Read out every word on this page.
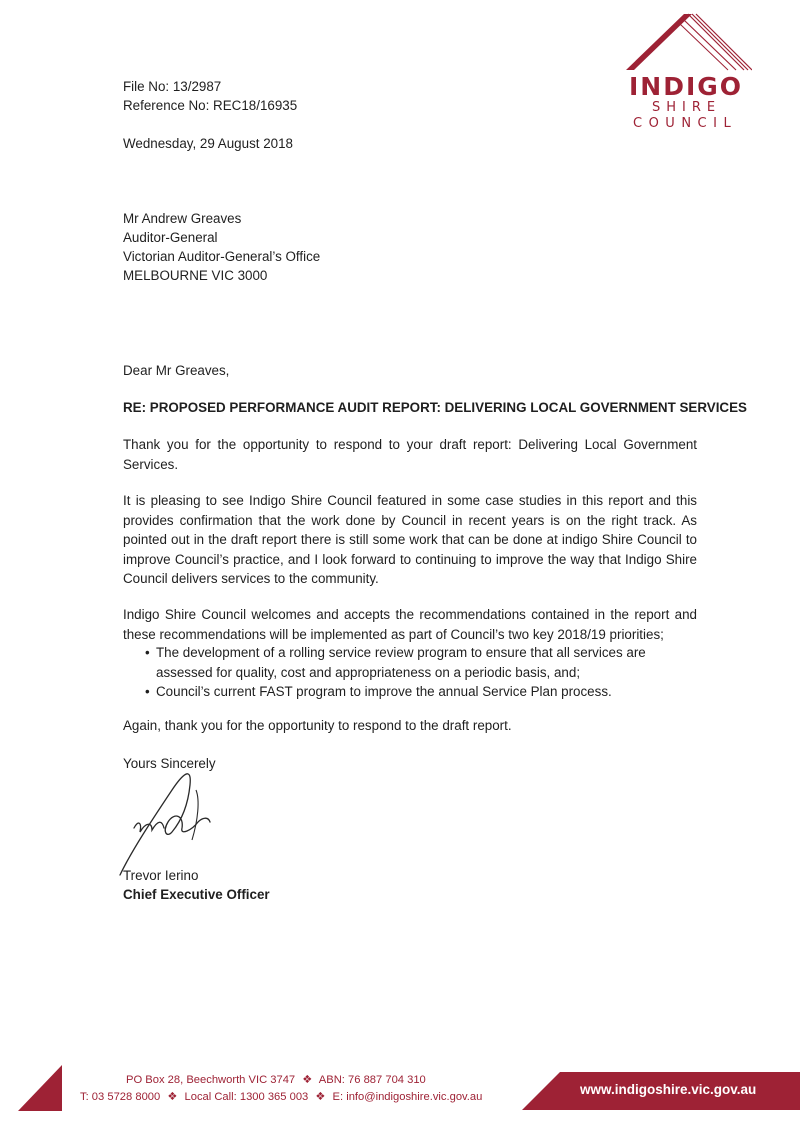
INDIGO
SHIRE
COUNCIL
File No: 13/2987
Reference No: REC18/16935
Wednesday, 29 August 2018
Mr Andrew Greaves
Auditor-General
Victorian Auditor-General’s Office
MELBOURNE VIC 3000
Dear Mr Greaves,
RE: PROPOSED PERFORMANCE AUDIT REPORT: DELIVERING LOCAL GOVERNMENT SERVICES
Thank you for the opportunity to respond to your draft report: Delivering Local Government Services.
It is pleasing to see Indigo Shire Council featured in some case studies in this report and this provides confirmation that the work done by Council in recent years is on the right track. As pointed out in the draft report there is still some work that can be done at indigo Shire Council to improve Council’s practice, and I look forward to continuing to improve the way that Indigo Shire Council delivers services to the community.
Indigo Shire Council welcomes and accepts the recommendations contained in the report and these recommendations will be implemented as part of Council’s two key 2018/19 priorities;
• The development of a rolling service review program to ensure that all services are assessed for quality, cost and appropriateness on a periodic basis, and;
• Council’s current FAST program to improve the annual Service Plan process.
Again, thank you for the opportunity to respond to the draft report.
Yours Sincerely
Trevor Ierino
Chief Executive Officer
PO Box 28, Beechworth VIC 3747 ❖ ABN: 76 887 704 310
T: 03 5728 8000 ❖ Local Call: 1300 365 003 ❖ E: info@indigoshire.vic.gov.au	www.indigoshire.vic.gov.au
